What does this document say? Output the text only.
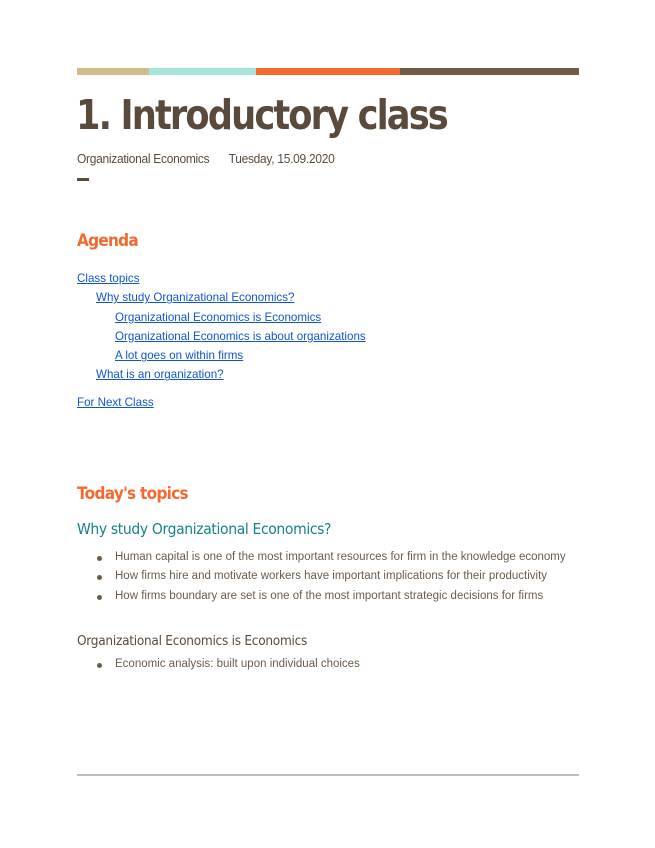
1. Introductory class
Organizational Economics Tuesday, 15.09.2020
Agenda
Class topics
Why study Organizational Economics?
Organizational Economics is Economics
Organizational Economics is about organizations
A lot goes on within firms
What is an organization?
For Next Class
Today's topics
Why study Organizational Economics?
Human capital is one of the most important resources for firm in the knowledge economy
How firms hire and motivate workers have important implications for their productivity
How firms boundary are set is one of the most important strategic decisions for firms
Organizational Economics is Economics
Economic analysis: built upon individual choices
